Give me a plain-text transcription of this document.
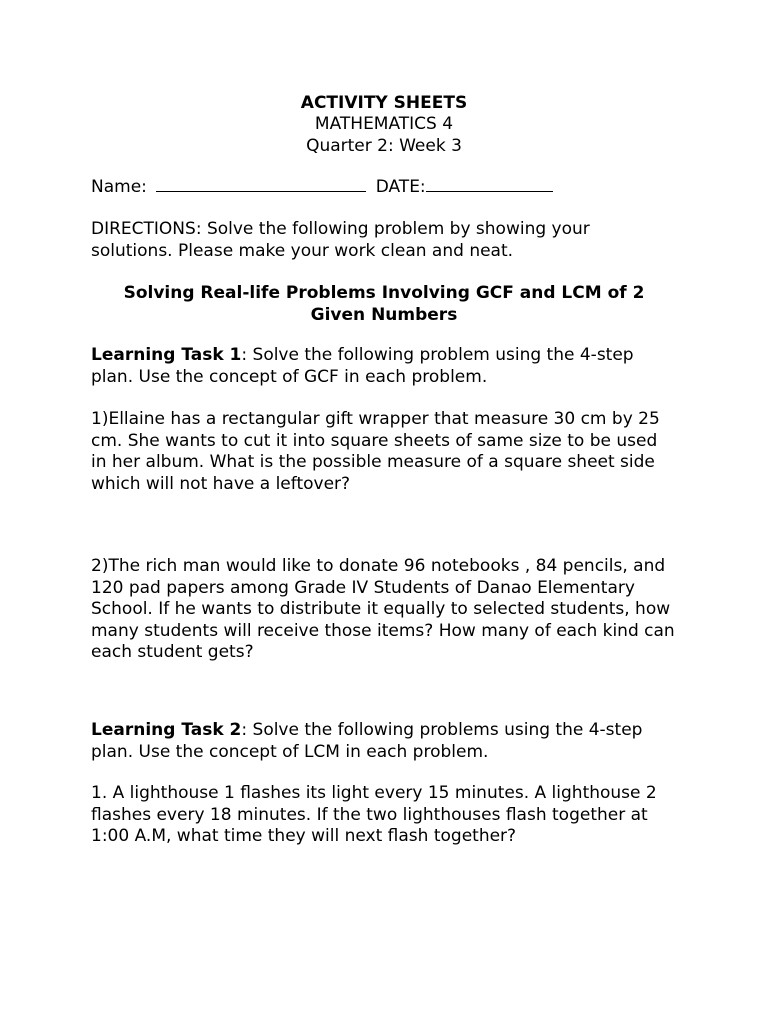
ACTIVITY SHEETS
MATHEMATICS 4
Quarter 2: Week 3
Name:	DATE:
DIRECTIONS: Solve the following problem by showing your solutions. Please make your work clean and neat.

Solving Real-life Problems Involving GCF and LCM of 2

Given Numbers

Learning Task 1: Solve the following problem using the 4-step plan. Use the concept of GCF in each problem.
1)Ellaine has a rectangular gift wrapper that measure 30 cm by 25 cm. She wants to cut it into square sheets of same size to be used in her album. What is the possible measure of a square sheet side which will not have a leftover?
2)The rich man would like to donate 96 notebooks , 84 pencils, and 120 pad papers among Grade IV Students of Danao Elementary School. If he wants to distribute it equally to selected students, how many students will receive those items? How many of each kind can each student gets?
Learning Task 2: Solve the following problems using the 4-step plan. Use the concept of LCM in each problem.
1. A lighthouse 1 flashes its light every 15 minutes. A lighthouse 2 flashes every 18 minutes. If the two lighthouses flash together at 1:00 A.M, what time they will next flash together?
